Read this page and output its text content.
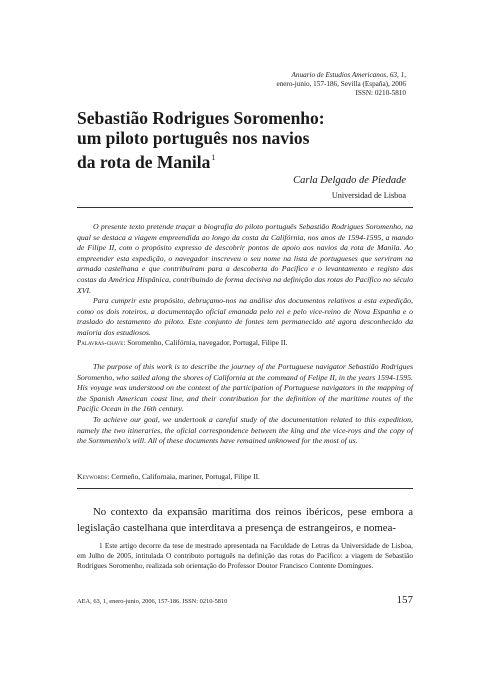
Anuario de Estudios Americanos, 63, 1,
enero-junio, 157-186, Sevilla (España), 2006
ISSN: 0210-5810
Sebastião Rodrigues Soromenho:
um piloto português nos navios
da rota de Manila$^1$
Carla Delgado de Piedade
Universidad de Lisboa

O presente texto pretende traçar a biografia do piloto português Sebastião Rodrigues Soromenho, na qual se destaca a viagem empreendida ao longo da costa da Califórnia, nos anos de 1594-1595, a mando de Filipe II, com o propósito expresso de descobrir pontos de apoio aos navios da rota de Manila. Ao empreender esta expedição, o navegador inscreveu o seu nome na lista de portugueses que serviram na armada castelhana e que contribuíram para a descoberta do Pacífico e o levantamento e registo das costas da América Hispânica, contribuindo de forma decisiva na definição das rotas do Pacífico no século XVI.

Para cumprir este propósito, debruçamo-nos na análise dos documentos relativos a esta expedição, como os dois roteiros, a documentação oficial emanada pelo rei e pelo vice-reino de Nova Espanha e o traslado do testamento do piloto. Este conjunto de fontes tem permanecido até agora desconhecido da maioria dos estudiosos.

Palavras-chave: Soromenho, Califórnia, navegador, Portugal, Filipe II.

The purpose of this work is to describe the journey of the Portuguese navigator Sebastião Rodrigues Soromenho, who sailed along the shores of California at the command of Felipe II, in the years 1594-1595. His voyage was understood on the context of the participation of Portuguese navigators in the mapping of the Spanish American coast line, and their contribution for the definition of the maritime routes of the Pacific Ocean in the 16th century.

To achieve our goal, we undertook a careful study of the documentation related to this expedition, namely the two itineraries, the oficial correspondence between the king and the vice-roys and the copy of the Sormmenho's will. All of these documents have remained unknowed for the most of us.

Keywords: Cermeño, Californaia, mariner, Portugal, Filipe II.

No contexto da expansão marítima dos reinos ibéricos, pese embora a legislação castelhana que interditava a presença de estrangeiros, e nomea-

1 Este artigo decorre da tese de mestrado apresentada na Faculdade de Letras da Universidade de Lisboa, em Julho de 2005, intitulada O contributo português na definição das rotas do Pacífico: a viagem de Sebastião Rodrigues Soromenho, realizada sob orientação do Professor Doutor Francisco Contente Domingues.

AEA, 63, 1, enero-junio, 2006, 157-186. ISSN: 0210-5810	157
